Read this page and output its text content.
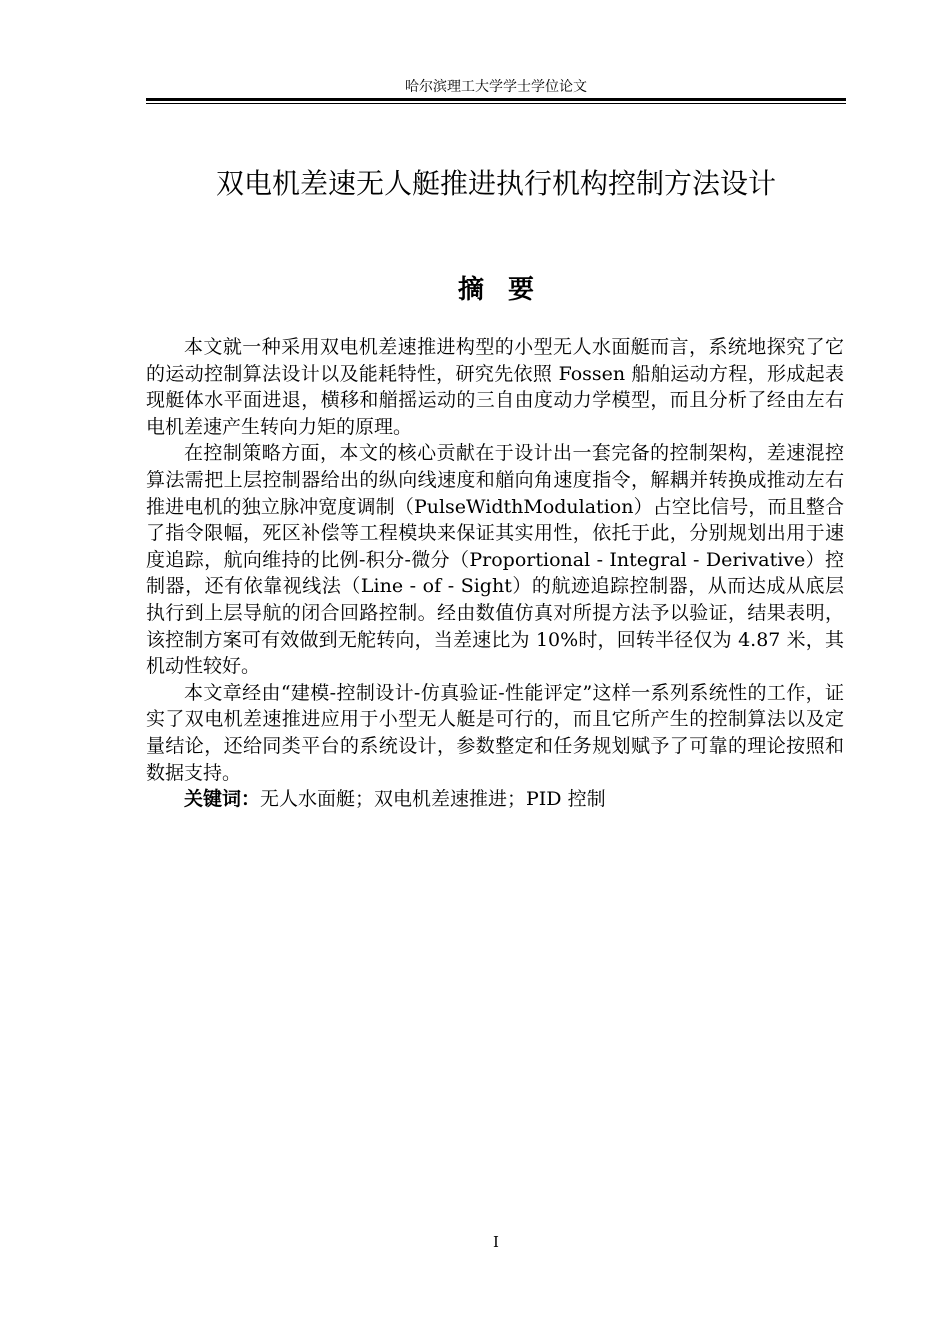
哈尔滨理工大学学士学位论文
双电机差速无人艇推进执行机构控制方法设计
摘要

本文就一种采用双电机差速推进构型的小型无人水面艇而言，系统地探究了它的运动控制算法设计以及能耗特性，研究先依照 Fossen 船舶运动方程，形成起表现艇体水平面进退，横移和艏摇运动的三自由度动力学模型，而且分析了经由左右电机差速产生转向力矩的原理。

在控制策略方面，本文的核心贡献在于设计出一套完备的控制架构，差速混控算法需把上层控制器给出的纵向线速度和艏向角速度指令，解耦并转换成推动左右推进电机的独立脉冲宽度调制（PulseWidthModulation）占空比信号，而且整合了指令限幅，死区补偿等工程模块来保证其实用性，依托于此，分别规划出用于速度追踪，航向维持的比例-积分-微分（Proportional - Integral - Derivative）控制器，还有依靠视线法（Line - of - Sight）的航迹追踪控制器，从而达成从底层执行到上层导航的闭合回路控制。经由数值仿真对所提方法予以验证，结果表明，该控制方案可有效做到无舵转向，当差速比为 10%时，回转半径仅为 4.87 米，其机动性较好。

本文章经由“建模-控制设计-仿真验证-性能评定”这样一系列系统性的工作，证实了双电机差速推进应用于小型无人艇是可行的，而且它所产生的控制算法以及定量结论，还给同类平台的系统设计，参数整定和任务规划赋予了可靠的理论按照和数据支持。

关键词：无人水面艇；双电机差速推进；PID 控制

I
